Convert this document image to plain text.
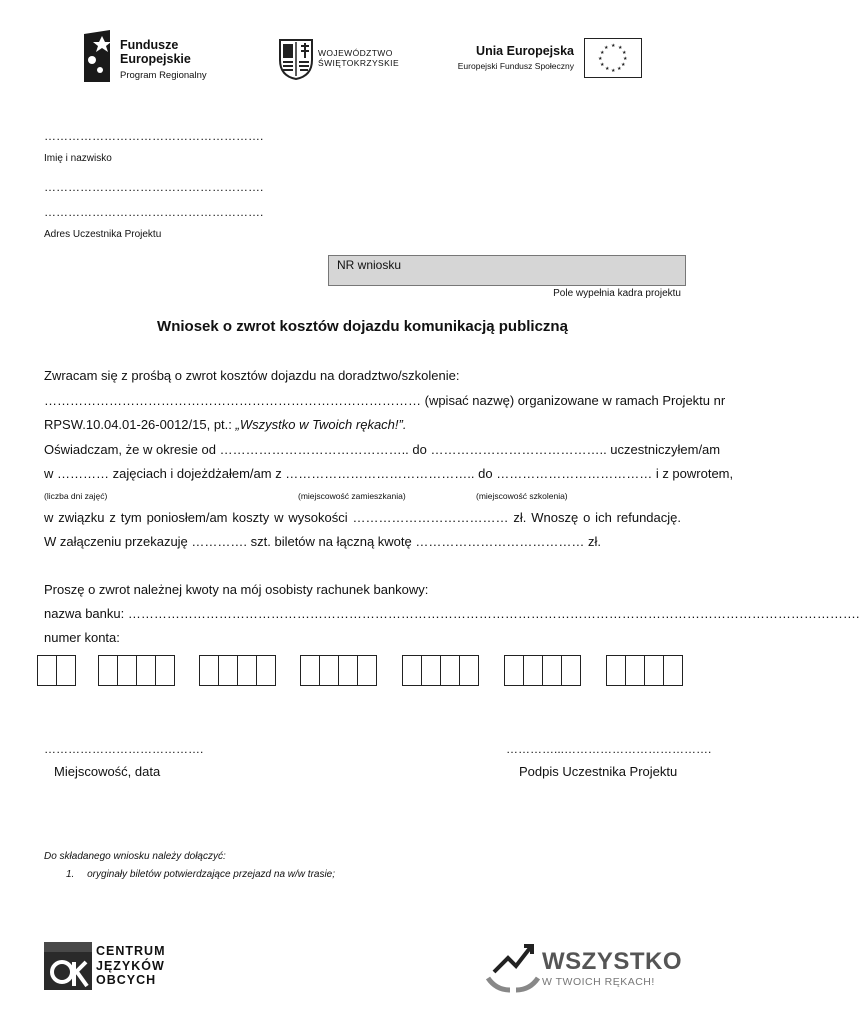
Fundusze
Europejskie
Program Regionalny
WOJEWÓDZTWO
ŚWIĘTOKRZYSKIE
Unia Europejska
Europejski Fundusz Społeczny
★ ★
★
★
★
★
★
★
★
★
★
★
……………………………………………….
Imię i nazwisko
……………………………………………….
……………………………………………….
Adres Uczestnika Projektu
NR wniosku
Pole wypełnia kadra projektu
Wniosek o zwrot kosztów dojazdu komunikacją publiczną
Zwracam się z prośbą o zwrot kosztów dojazdu na doradztwo/szkolenie:
…………………………………………………………………………… (wpisać nazwę) organizowane w ramach Projektu nr
RPSW.10.04.01-26-0012/15, pt.: „Wszystko w Twoich rękach!”.
Oświadczam, że w okresie od …………………………………….. do ………………………………….. uczestniczyłem/am
w ………… zajęciach i dojeżdżałem/am z …………………………………….. do ……………………………… i z powrotem,
(liczba dni zajęć)	(miejscowość zamieszkania)	(miejscowość szkolenia)
w związku z tym poniosłem/am koszty w wysokości ……………………………… zł. Wnoszę o ich refundację.
W załączeniu przekazuję …………. szt. biletów na łączną kwotę ………………………………… zł.
Proszę o zwrot należnej kwoty na mój osobisty rachunek bankowy:
nazwa banku: …………………………………………………………………………………………………………………………………………………….
numer konta:
………………………………….
Miejscowość, data
…………...……………………………….
Podpis Uczestnika Projektu
Do składanego wniosku należy dołączyć:
1. oryginały biletów potwierdzające przejazd na w/w trasie;
CENTRUM
JĘZYKÓW
OBCYCH
WSZYSTKO
W TWOICH RĘKACH!
